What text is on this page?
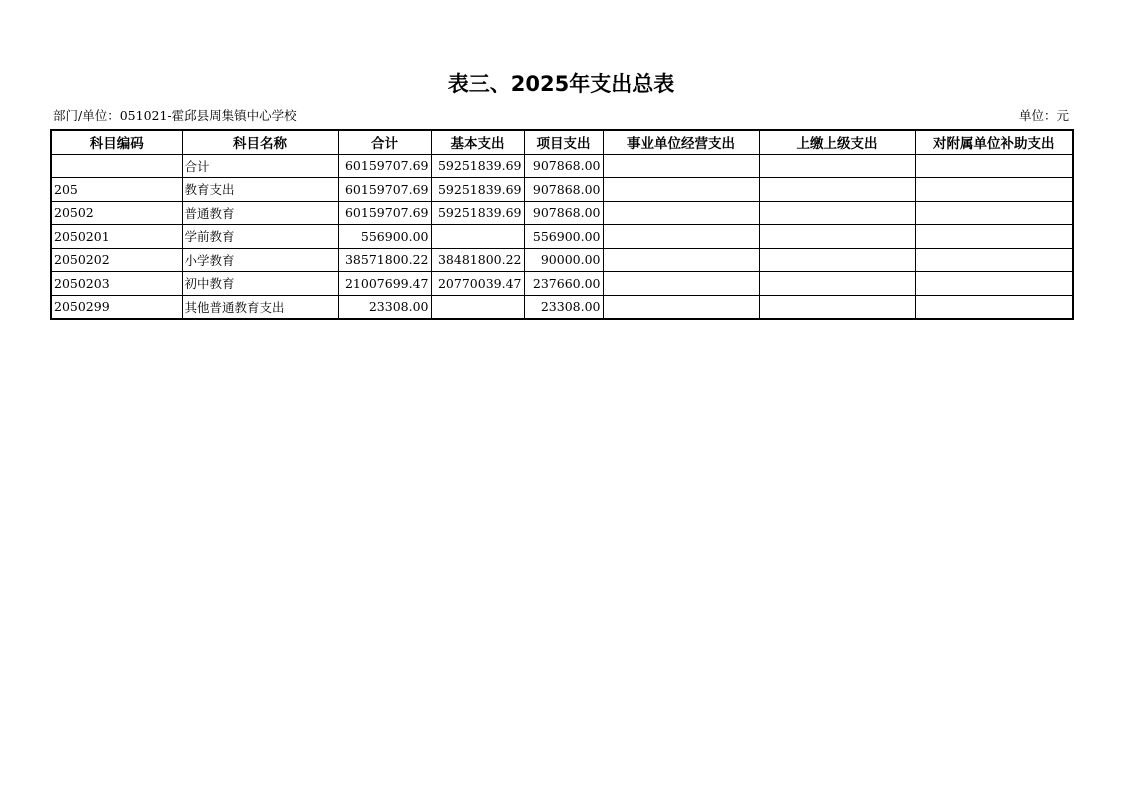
表三、2025年支出总表
部门/单位：051021-霍邱县周集镇中心学校	单位：元
科目编码	科目名称	合计	基本支出	项目支出	事业单位经营支出	上缴上级支出	对附属单位补助支出
	合计	60159707.69	59251839.69	907868.00			
205	教育支出	60159707.69	59251839.69	907868.00			
20502	普通教育	60159707.69	59251839.69	907868.00			
2050201	学前教育	556900.00		556900.00			
2050202	小学教育	38571800.22	38481800.22	90000.00			
2050203	初中教育	21007699.47	20770039.47	237660.00			
2050299	其他普通教育支出	23308.00		23308.00			
